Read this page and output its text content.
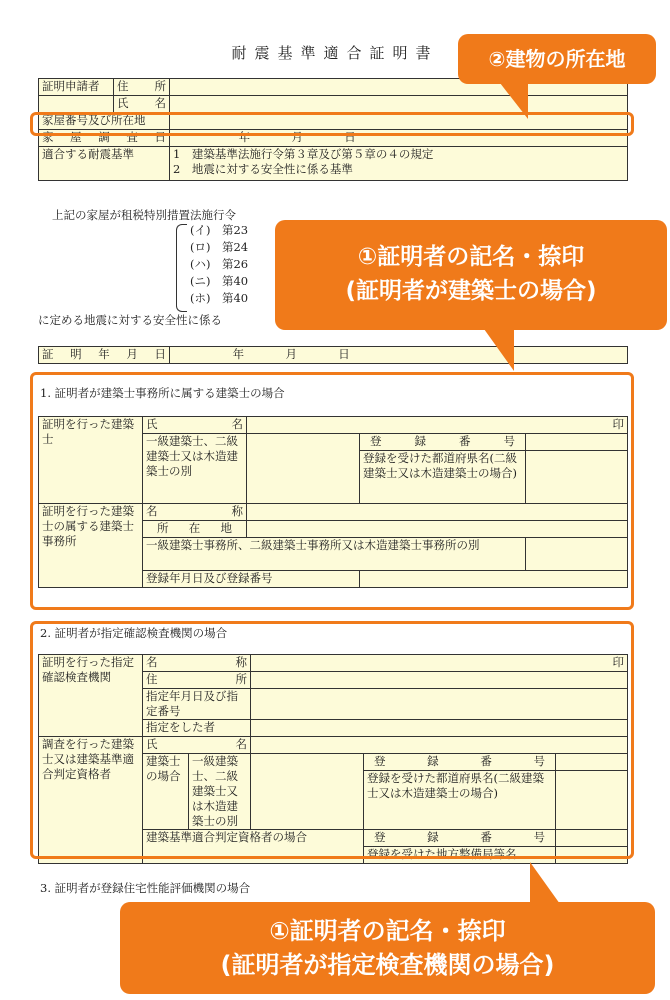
耐震基準適合証明書
証明申請者	住所	
	氏名	
家屋番号及び所在地		
家屋調査日		年 月 日
適合する耐震基準		1　 建築基準法施行令第３章及び第５章の４の規定
2　 地震に対する安全性に係る基準
上記の家屋が租税特別措置法施行令
(イ)　第23
(ロ)　第24
(ハ)　第26
(ニ)　第40
(ホ)　第40
に定める地震に対する安全性に係る
証明年月日	年	月	日
1. 証明者が建築士事務所に属する建築士の場合
証明を行った建築士	氏名	印		
	一級建築士、二級建築士又は木造建築士の別		登録番号	
			登録を受けた都道府県名(二級建築士又は木造建築士の場合)	

証明を行った建築士の属する建築士事務所	名称			
	所在地			
	一級建築士事務所、二級建築士事務所又は木造建築士事務所の別			
	登録年月日及び登録番号			
2. 証明者が指定確認検査機関の場合
証明を行った指定確認検査機関	名称		印		
	住所				
	指定年月日及び指定番号				

	指定をした者				
調査を行った建築士又は建築基準適合判定資格者	氏名				
	建築士の場合	一級建築士、二級建築士又は木造建築士の別		登録番号	
				登録を受けた都道府県名(二級建築士又は木造建築士の場合)	

	建築基準適合判定資格者の場合			登録番号	
				登録を受けた地方整備局等名	
3. 証明者が登録住宅性能評価機関の場合
②建物の所在地
①証明者の記名・捺印
(証明者が建築士の場合)
①証明者の記名・捺印
(証明者が指定検査機関の場合)
